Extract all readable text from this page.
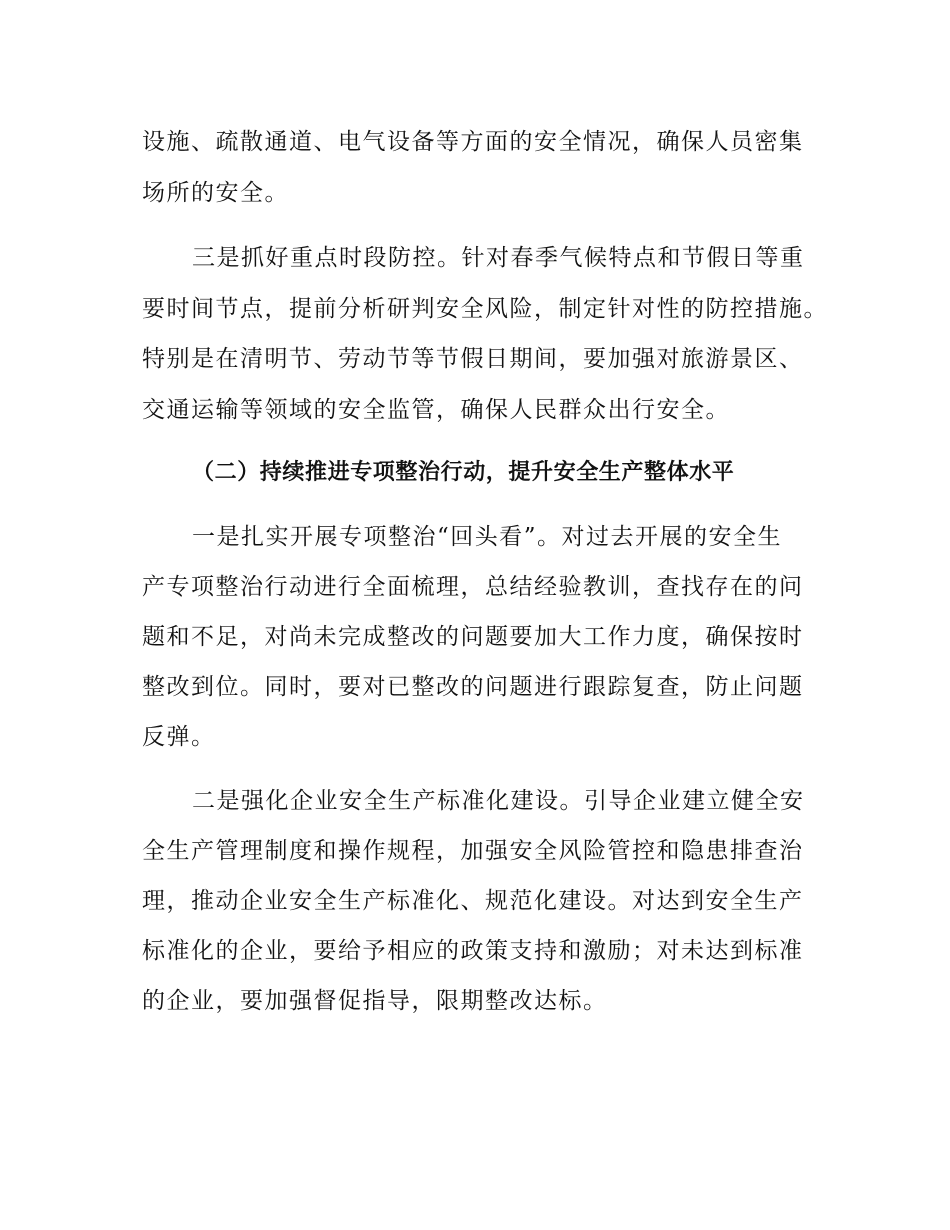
设施、疏散通道、电气设备等方面的安全情况，确保人员密集
场所的安全。
三是抓好重点时段防控。针对春季气候特点和节假日等重
要时间节点，提前分析研判安全风险，制定针对性的防控措施。
特别是在清明节、劳动节等节假日期间，要加强对旅游景区、
交通运输等领域的安全监管，确保人民群众出行安全。
（二）持续推进专项整治行动，提升安全生产整体水平
一是扎实开展专项整治“回头看”。对过去开展的安全生
产专项整治行动进行全面梳理，总结经验教训，查找存在的问
题和不足，对尚未完成整改的问题要加大工作力度，确保按时
整改到位。同时，要对已整改的问题进行跟踪复查，防止问题
反弹。
二是强化企业安全生产标准化建设。引导企业建立健全安
全生产管理制度和操作规程，加强安全风险管控和隐患排查治
理，推动企业安全生产标准化、规范化建设。对达到安全生产
标准化的企业，要给予相应的政策支持和激励；对未达到标准
的企业，要加强督促指导，限期整改达标。
